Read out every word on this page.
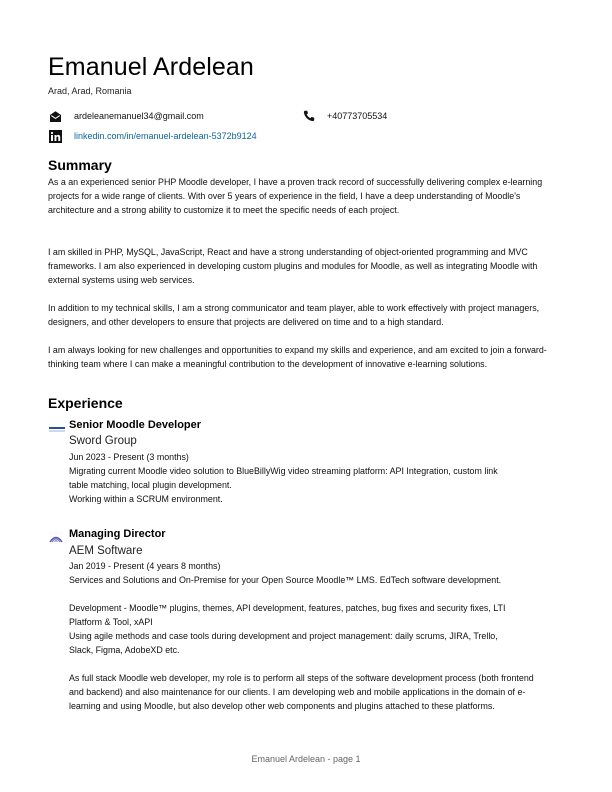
Emanuel Ardelean
Arad, Arad, Romania
ardeleanemanuel34@gmail.com	+40773705534
linkedin.com/in/emanuel-ardelean-5372b9124
Summary

As a an experienced senior PHP Moodle developer, I have a proven track record of successfully delivering complex e-learning projects for a wide range of clients. With over 5 years of experience in the field, I have a deep understanding of Moodle's architecture and a strong ability to customize it to meet the specific needs of each project.

I am skilled in PHP, MySQL, JavaScript, React and have a strong understanding of object-oriented programming and MVC frameworks. I am also experienced in developing custom plugins and modules for Moodle, as well as integrating Moodle with external systems using web services.

In addition to my technical skills, I am a strong communicator and team player, able to work effectively with project managers, designers, and other developers to ensure that projects are delivered on time and to a high standard.

I am always looking for new challenges and opportunities to expand my skills and experience, and am excited to join a forward-thinking team where I can make a meaningful contribution to the development of innovative e-learning solutions.

Experience
Senior Moodle Developer
Sword Group
Jun 2023 - Present (3 months)

Migrating current Moodle video solution to BlueBillyWig video streaming platform: API Integration, custom link table matching, local plugin development.

Working within a SCRUM environment.

Managing Director
AEM Software
Jan 2019 - Present (4 years 8 months)

Services and Solutions and On-Premise for your Open Source Moodle™ LMS. EdTech software development.

Development - Moodle™ plugins, themes, API development, features, patches, bug fixes and security fixes, LTI Platform & Tool, xAPI

Using agile methods and case tools during development and project management: daily scrums, JIRA, Trello, Slack, Figma, AdobeXD etc.

As full stack Moodle web developer, my role is to perform all steps of the software development process (both frontend and backend) and also maintenance for our clients. I am developing web and mobile applications in the domain of e-learning and using Moodle, but also develop other web components and plugins attached to these platforms.

Emanuel Ardelean - page 1
